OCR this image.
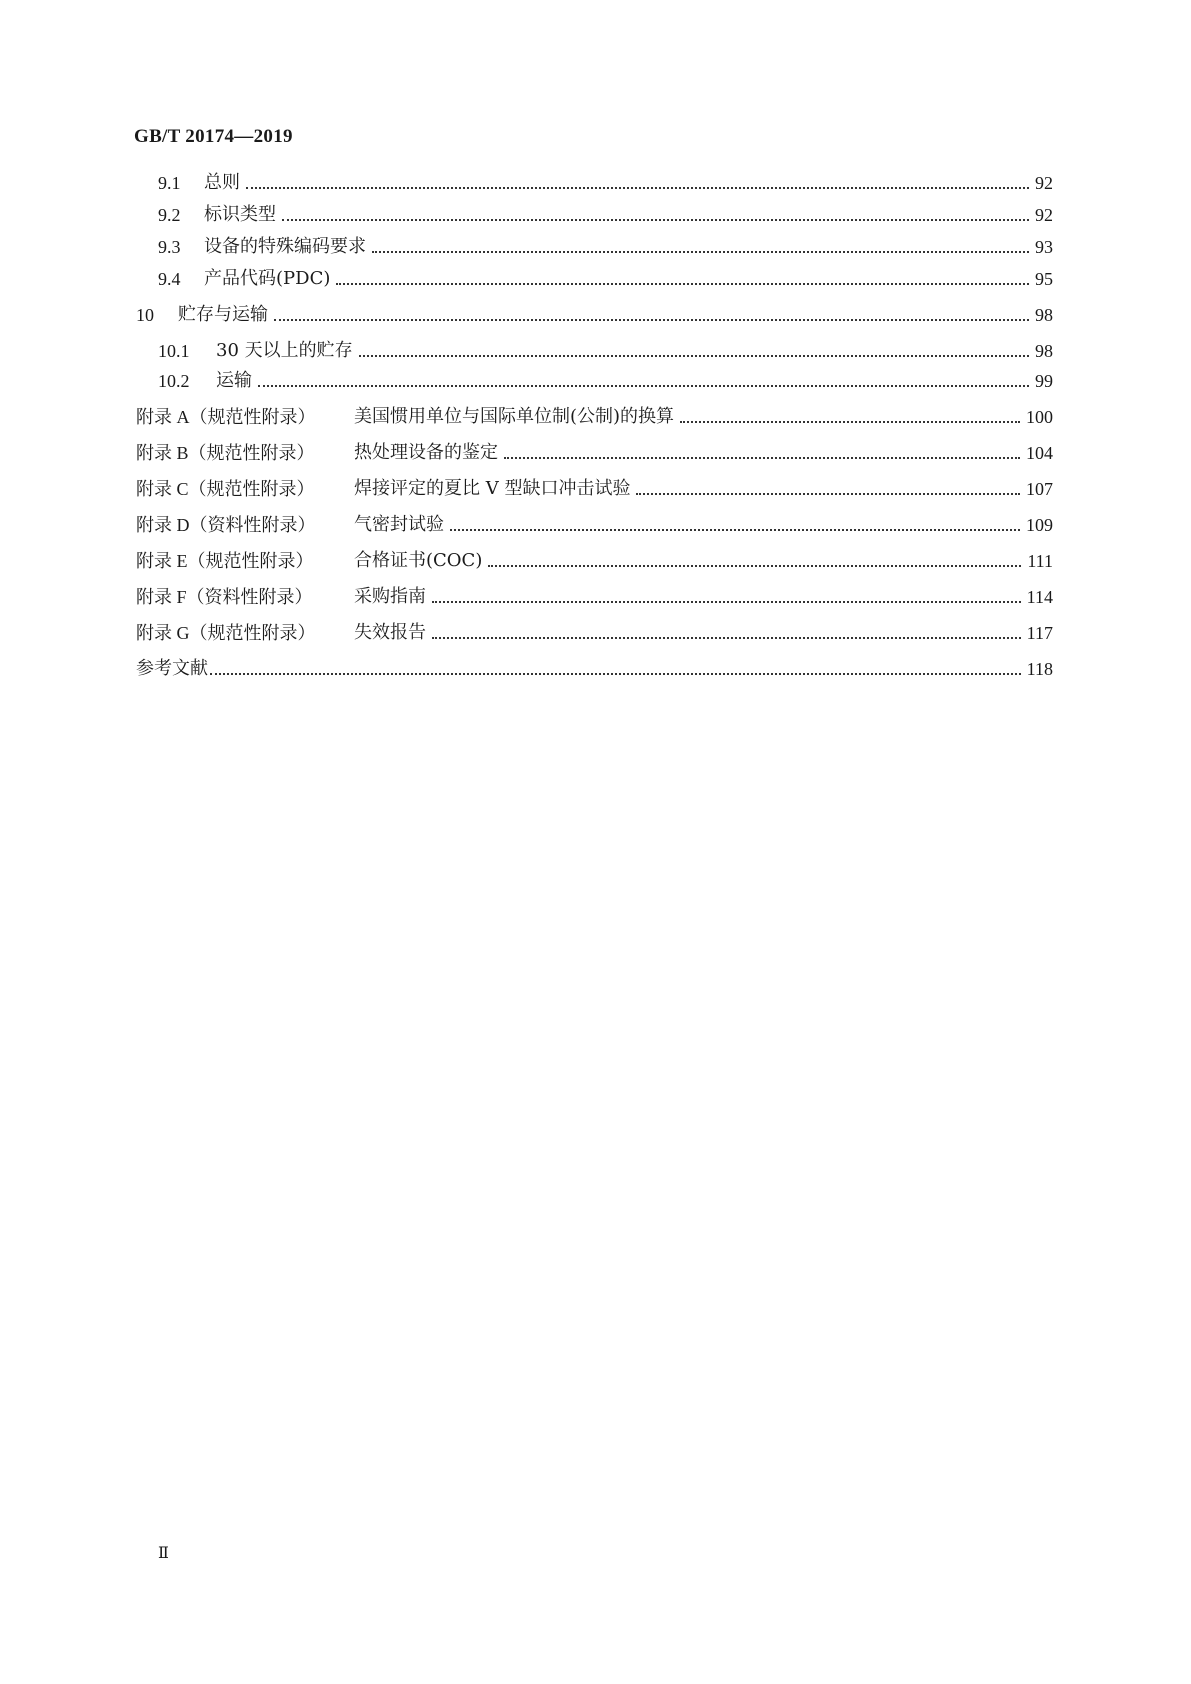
GB/T 20174—2019
9.1	总则	92
9.2	标识类型	92
9.3	设备的特殊编码要求	93
9.4	产品代码(PDC)	95
10	贮存与运输	98
10.1	30 天以上的贮存	98
10.2	运输	99
附录 A（规范性附录）	美国惯用单位与国际单位制(公制)的换算	100
附录 B（规范性附录）	热处理设备的鉴定	104
附录 C（规范性附录）	焊接评定的夏比 V 型缺口冲击试验	107
附录 D（资料性附录）	气密封试验	109
附录 E（规范性附录）	合格证书(COC)	111
附录 F（资料性附录）	采购指南	114
附录 G（规范性附录）	失效报告	117
参考文献	118
Ⅱ
